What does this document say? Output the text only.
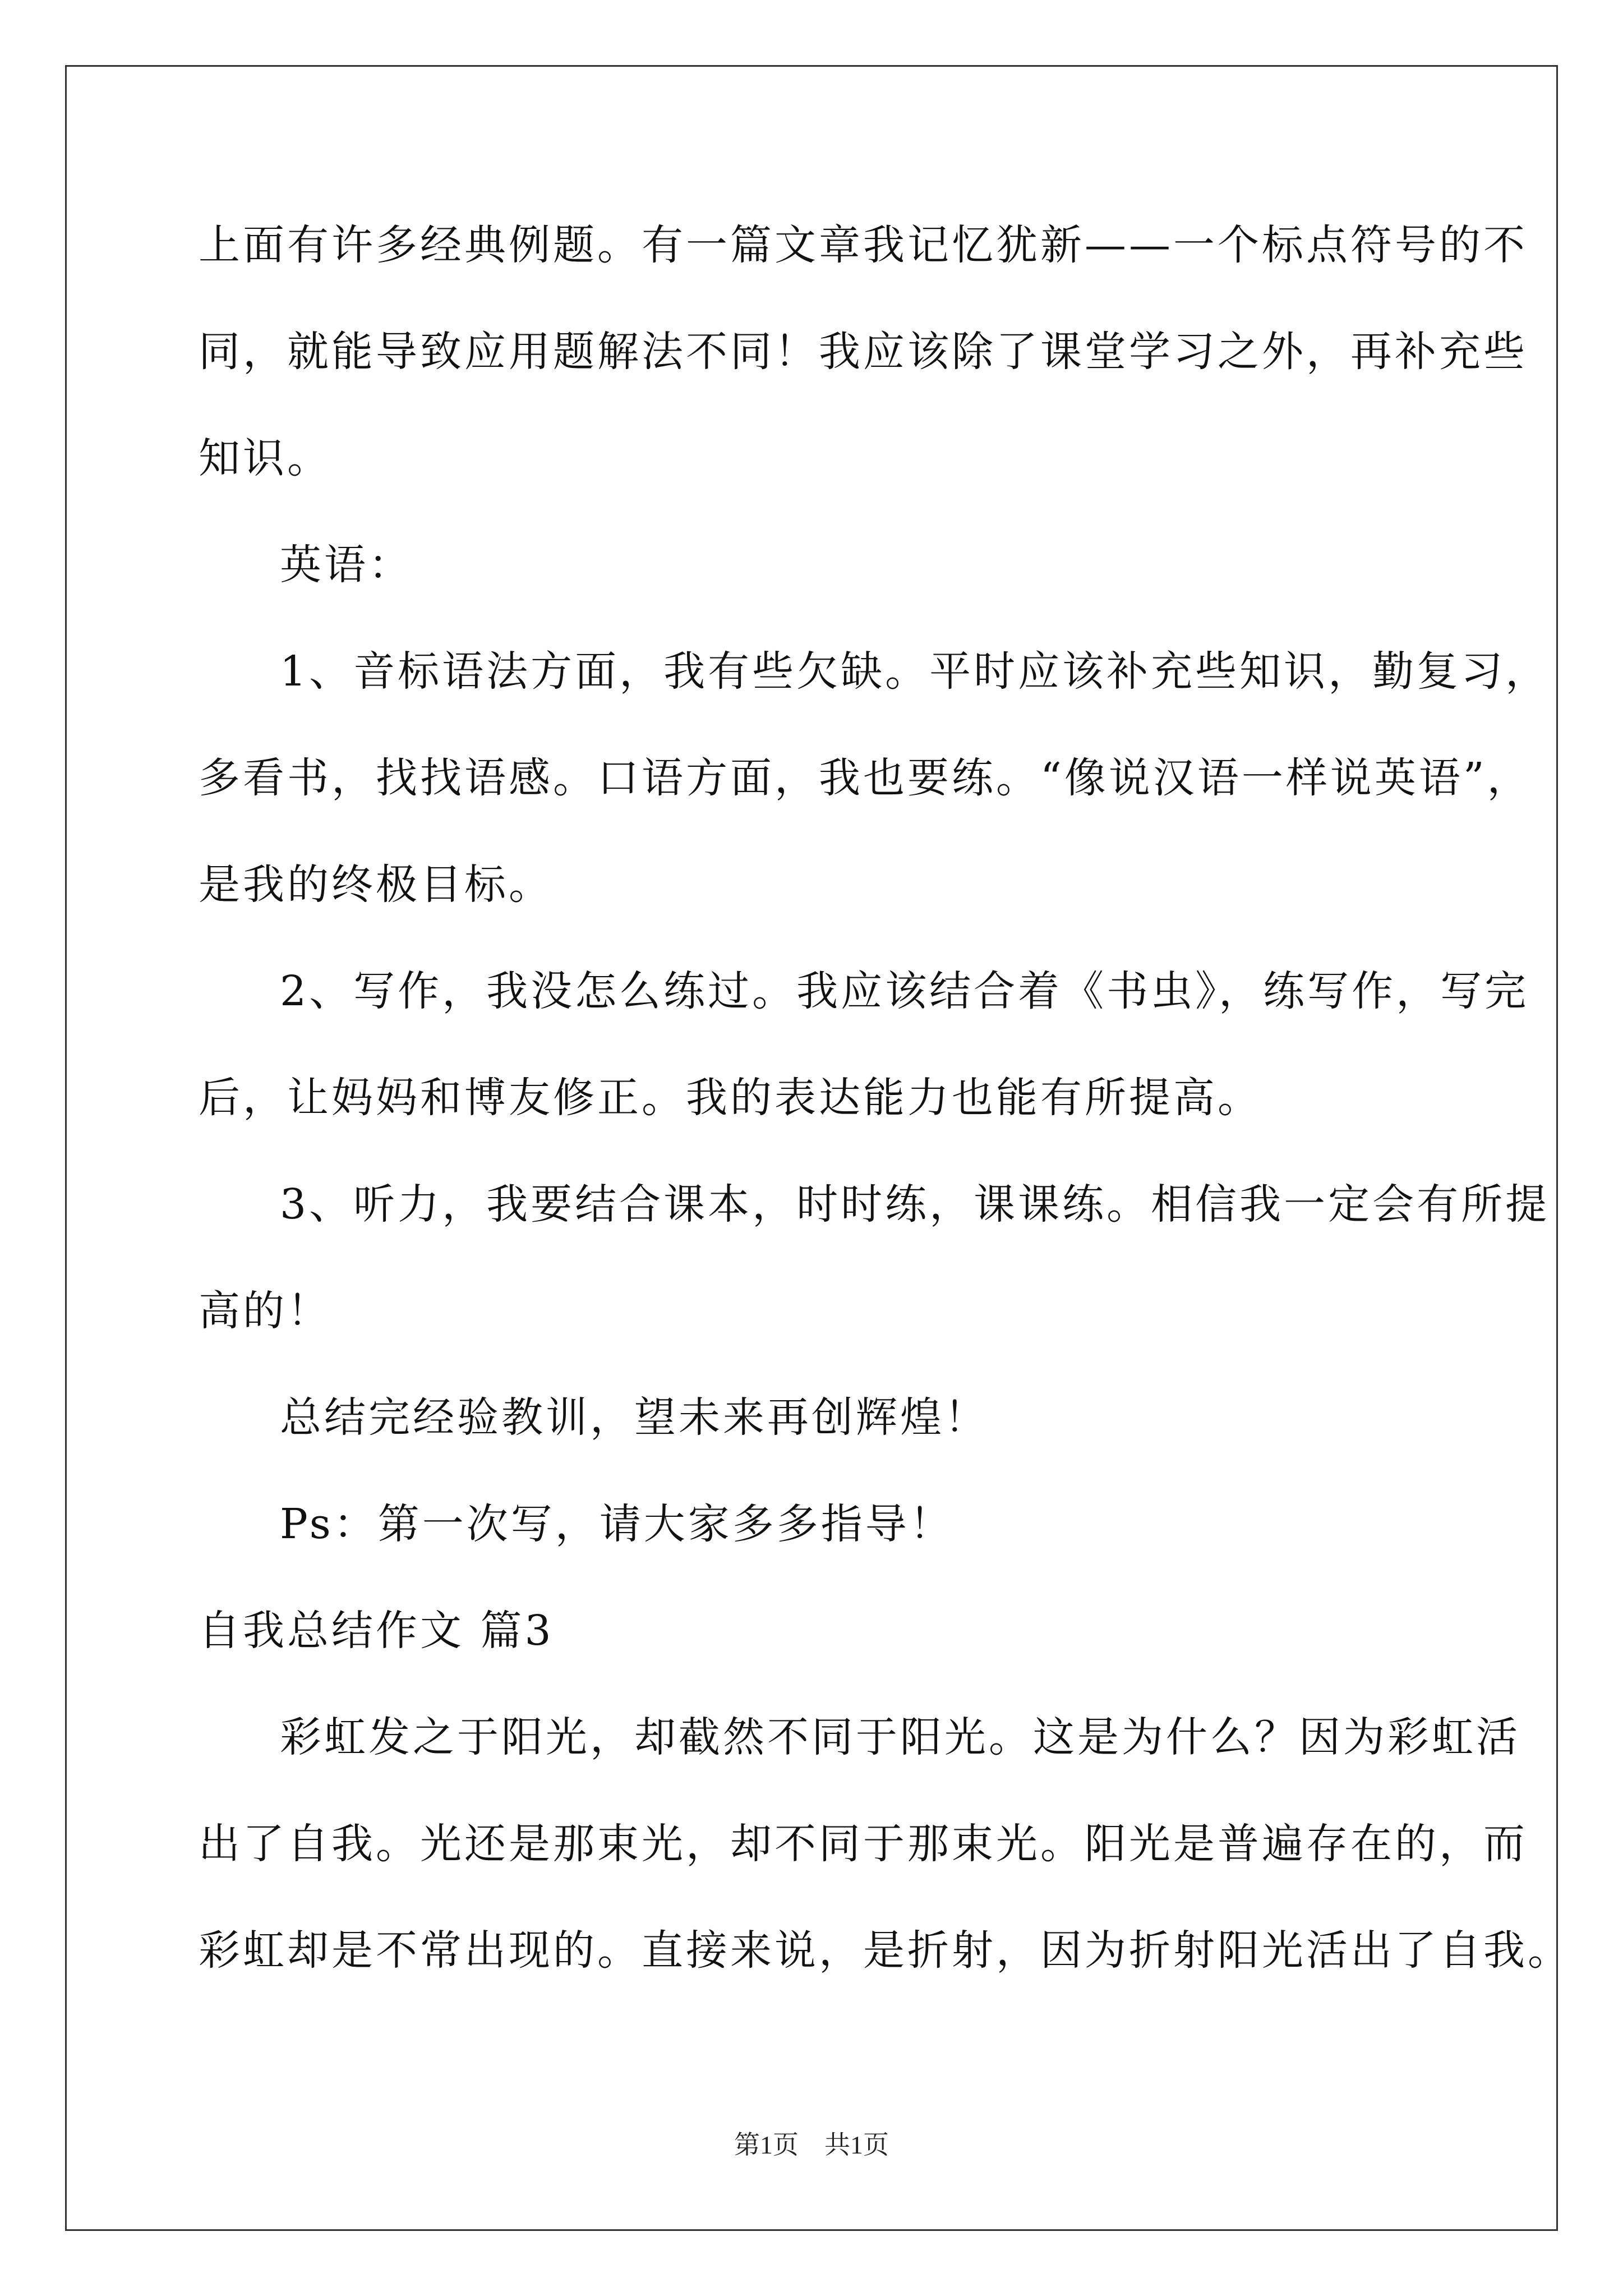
上面有许多经典例题。有一篇文章我记忆犹新——一个标点符号的不
同，就能导致应用题解法不同！我应该除了课堂学习之外，再补充些
知识。
英语：
1、音标语法方面，我有些欠缺。平时应该补充些知识，勤复习，
多看书，找找语感。口语方面，我也要练。“像说汉语一样说英语”，
是我的终极目标。
2、写作，我没怎么练过。我应该结合着《书虫》，练写作，写完
后，让妈妈和博友修正。我的表达能力也能有所提高。
3、听力，我要结合课本，时时练，课课练。相信我一定会有所提
高的！
总结完经验教训，望未来再创辉煌！
Ps：第一次写，请大家多多指导！
自我总结作文 篇3
彩虹发之于阳光，却截然不同于阳光。这是为什么？因为彩虹活
出了自我。光还是那束光，却不同于那束光。阳光是普遍存在的，而
彩虹却是不常出现的。直接来说，是折射，因为折射阳光活出了自我。
第1页　共1页
